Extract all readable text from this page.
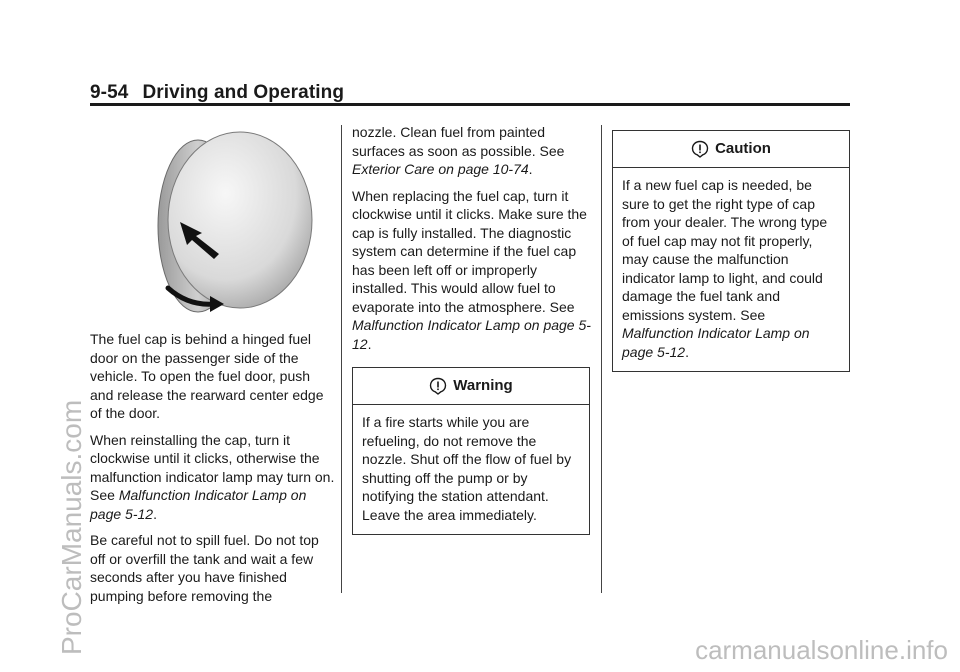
9-54 Driving and Operating
ProCarManuals.com	carmanualsonline.info

The fuel cap is behind a hinged fuel door on the passenger side of the vehicle. To open the fuel door, push and release the rearward center edge of the door.

When reinstalling the cap, turn it clockwise until it clicks, otherwise the malfunction indicator lamp may turn on. See Malfunction Indicator Lamp on page 5-12.

Be careful not to spill fuel. Do not top off or overfill the tank and wait a few seconds after you have finished pumping before removing the

nozzle. Clean fuel from painted surfaces as soon as possible. See Exterior Care on page 10-74.

When replacing the fuel cap, turn it clockwise until it clicks. Make sure the cap is fully installed. The diagnostic system can determine if the fuel cap has been left off or improperly installed. This would allow fuel to evaporate into the atmosphere. See Malfunction Indicator Lamp on page 5-12.

Warning

If a fire starts while you are refueling, do not remove the nozzle. Shut off the flow of fuel by shutting off the pump or by notifying the station attendant. Leave the area immediately.

Caution

If a new fuel cap is needed, be sure to get the right type of cap from your dealer. The wrong type of fuel cap may not fit properly, may cause the malfunction indicator lamp to light, and could damage the fuel tank and emissions system. See Malfunction Indicator Lamp on page 5-12.
